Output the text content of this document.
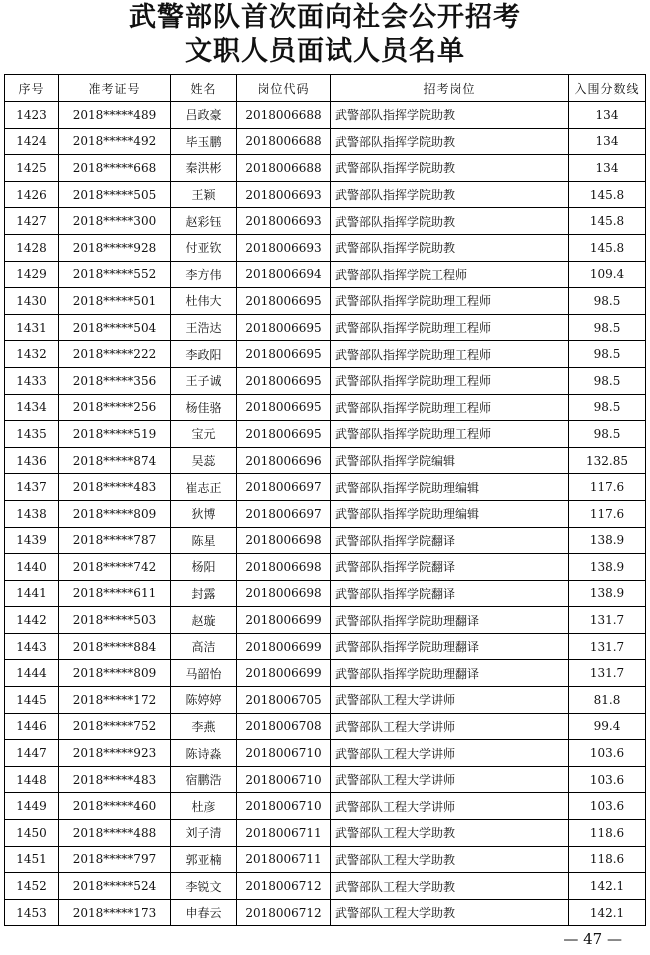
武警部队首次面向社会公开招考
文职人员面试人员名单
序号	准考证号	姓名	岗位代码	招考岗位	入围分数线
1423	2018*****489	吕政豪	2018006688	武警部队指挥学院助教	134
1424	2018*****492	毕玉鹏	2018006688	武警部队指挥学院助教	134
1425	2018*****668	秦洪彬	2018006688	武警部队指挥学院助教	134
1426	2018*****505	王颖	2018006693	武警部队指挥学院助教	145.8
1427	2018*****300	赵彩钰	2018006693	武警部队指挥学院助教	145.8
1428	2018*****928	付亚钦	2018006693	武警部队指挥学院助教	145.8
1429	2018*****552	李方伟	2018006694	武警部队指挥学院工程师	109.4
1430	2018*****501	杜伟大	2018006695	武警部队指挥学院助理工程师	98.5
1431	2018*****504	王浩达	2018006695	武警部队指挥学院助理工程师	98.5
1432	2018*****222	李政阳	2018006695	武警部队指挥学院助理工程师	98.5
1433	2018*****356	王子诚	2018006695	武警部队指挥学院助理工程师	98.5
1434	2018*****256	杨佳骆	2018006695	武警部队指挥学院助理工程师	98.5
1435	2018*****519	宝元	2018006695	武警部队指挥学院助理工程师	98.5
1436	2018*****874	吴蕊	2018006696	武警部队指挥学院编辑	132.85
1437	2018*****483	崔志正	2018006697	武警部队指挥学院助理编辑	117.6
1438	2018*****809	狄博	2018006697	武警部队指挥学院助理编辑	117.6
1439	2018*****787	陈星	2018006698	武警部队指挥学院翻译	138.9
1440	2018*****742	杨阳	2018006698	武警部队指挥学院翻译	138.9
1441	2018*****611	封露	2018006698	武警部队指挥学院翻译	138.9
1442	2018*****503	赵璇	2018006699	武警部队指挥学院助理翻译	131.7
1443	2018*****884	高洁	2018006699	武警部队指挥学院助理翻译	131.7
1444	2018*****809	马韶怡	2018006699	武警部队指挥学院助理翻译	131.7
1445	2018*****172	陈婷婷	2018006705	武警部队工程大学讲师	81.8
1446	2018*****752	李燕	2018006708	武警部队工程大学讲师	99.4
1447	2018*****923	陈诗淼	2018006710	武警部队工程大学讲师	103.6
1448	2018*****483	宿鹏浩	2018006710	武警部队工程大学讲师	103.6
1449	2018*****460	杜彦	2018006710	武警部队工程大学讲师	103.6
1450	2018*****488	刘子清	2018006711	武警部队工程大学助教	118.6
1451	2018*****797	郭亚楠	2018006711	武警部队工程大学助教	118.6
1452	2018*****524	李锐文	2018006712	武警部队工程大学助教	142.1
1453	2018*****173	申春云	2018006712	武警部队工程大学助教	142.1
— 47 —
